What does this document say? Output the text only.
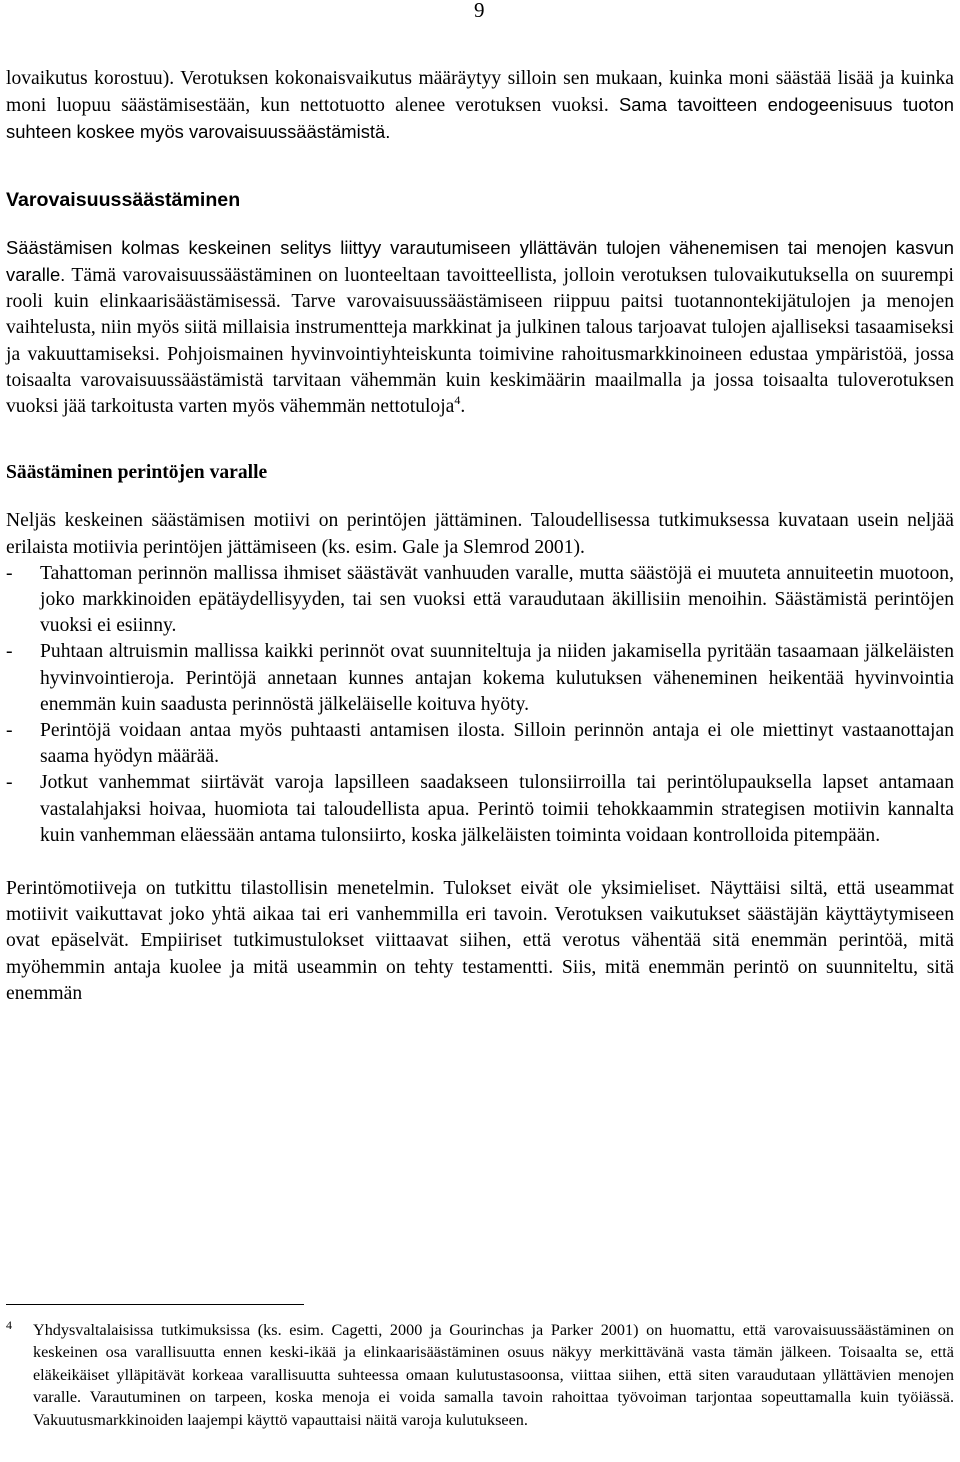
9

lovaikutus korostuu). Verotuksen kokonaisvaikutus määräytyy silloin sen mukaan, kuinka moni säästää lisää ja kuinka moni luopuu säästämisestään, kun nettotuotto alenee verotuksen vuoksi. Sama tavoitteen endogeenisuus tuoton suhteen koskee myös varovaisuussäästämistä.

Varovaisuussäästäminen

Säästämisen kolmas keskeinen selitys liittyy varautumiseen yllättävän tulojen vähenemisen tai menojen kasvun varalle. Tämä varovaisuussäästäminen on luonteeltaan tavoitteellista, jolloin verotuksen tulovaikutuksella on suurempi rooli kuin elinkaarisäästämisessä. Tarve varovaisuussäästämiseen riippuu paitsi tuotannontekijätulojen ja menojen vaihtelusta, niin myös siitä millaisia instrumentteja markkinat ja julkinen talous tarjoavat tulojen ajalliseksi tasaamiseksi ja vakuuttamiseksi. Pohjoismainen hyvinvointiyhteiskunta toimivine rahoitusmarkkinoineen edustaa ympäristöä, jossa toisaalta varovaisuussäästämistä tarvitaan vähemmän kuin keskimäärin maailmalla ja jossa toisaalta tuloverotuksen vuoksi jää tarkoitusta varten myös vähemmän nettotuloja$^4$.

Säästäminen perintöjen varalle

Neljäs keskeinen säästämisen motiivi on perintöjen jättäminen. Taloudellisessa tutkimuksessa kuvataan usein neljää erilaista motiivia perintöjen jättämiseen (ks. esim. Gale ja Slemrod 2001).

- Tahattoman perinnön mallissa ihmiset säästävät vanhuuden varalle, mutta säästöjä ei muuteta annuiteetin muotoon, joko markkinoiden epätäydellisyyden, tai sen vuoksi että varaudutaan äkillisiin menoihin. Säästämistä perintöjen vuoksi ei esiinny.
- Puhtaan altruismin mallissa kaikki perinnöt ovat suunniteltuja ja niiden jakamisella pyritään tasaamaan jälkeläisten hyvinvointieroja. Perintöjä annetaan kunnes antajan kokema kulutuksen väheneminen heikentää hyvinvointia enemmän kuin saadusta perinnöstä jälkeläiselle koituva hyöty.
- Perintöjä voidaan antaa myös puhtaasti antamisen ilosta. Silloin perinnön antaja ei ole miettinyt vastaanottajan saama hyödyn määrää.
- Jotkut vanhemmat siirtävät varoja lapsilleen saadakseen tulonsiirroilla tai perintölupauksella lapset antamaan vastalahjaksi hoivaa, huomiota tai taloudellista apua. Perintö toimii tehokkaammin strategisen motiivin kannalta kuin vanhemman eläessään antama tulonsiirto, koska jälkeläisten toiminta voidaan kontrolloida pitempään.

Perintömotiiveja on tutkittu tilastollisin menetelmin. Tulokset eivät ole yksimieliset. Näyttäisi siltä, että useammat motiivit vaikuttavat joko yhtä aikaa tai eri vanhemmilla eri tavoin. Verotuksen vaikutukset säästäjän käyttäytymiseen ovat epäselvät. Empiiriset tutkimustulokset viittaavat siihen, että verotus vähentää sitä enemmän perintöä, mitä myöhemmin antaja kuolee ja mitä useammin on tehty testamentti. Siis, mitä enemmän perintö on suunniteltu, sitä enemmän

4 Yhdysvaltalaisissa tutkimuksissa (ks. esim. Cagetti, 2000 ja Gourinchas ja Parker 2001) on huomattu, että varovaisuussäästäminen on keskeinen osa varallisuutta ennen keski-ikää ja elinkaarisäästäminen osuus näkyy merkittävänä vasta tämän jälkeen. Toisaalta se, että eläkeikäiset ylläpitävät korkeaa varallisuutta suhteessa omaan kulutustasoonsa, viittaa siihen, että siten varaudutaan yllättävien menojen varalle. Varautuminen on tarpeen, koska menoja ei voida samalla tavoin rahoittaa työvoiman tarjontaa sopeuttamalla kuin työiässä. Vakuutusmarkkinoiden laajempi käyttö vapauttaisi näitä varoja kulutukseen.
